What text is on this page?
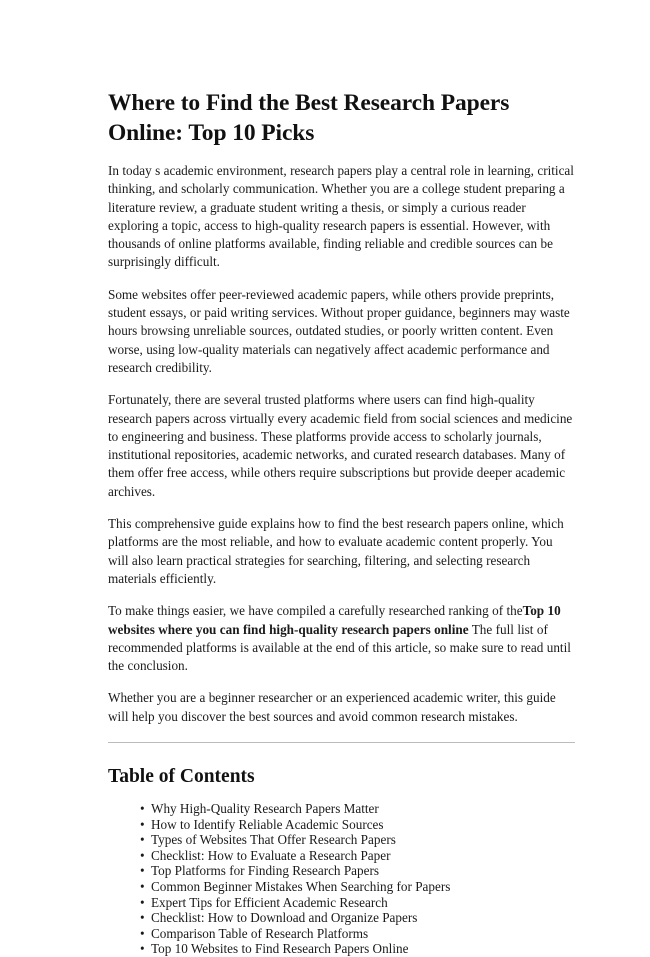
Where to Find the Best Research Papers Online: Top 10 Picks

In today s academic environment, research papers play a central role in learning, critical thinking, and scholarly communication. Whether you are a college student preparing a literature review, a graduate student writing a thesis, or simply a curious reader exploring a topic, access to high-quality research papers is essential. However, with thousands of online platforms available, finding reliable and credible sources can be surprisingly difficult.

Some websites offer peer-reviewed academic papers, while others provide preprints, student essays, or paid writing services. Without proper guidance, beginners may waste hours browsing unreliable sources, outdated studies, or poorly written content. Even worse, using low-quality materials can negatively affect academic performance and research credibility.

Fortunately, there are several trusted platforms where users can find high-quality research papers across virtually every academic field from social sciences and medicine to engineering and business. These platforms provide access to scholarly journals, institutional repositories, academic networks, and curated research databases. Many of them offer free access, while others require subscriptions but provide deeper academic archives.

This comprehensive guide explains how to find the best research papers online, which platforms are the most reliable, and how to evaluate academic content properly. You will also learn practical strategies for searching, filtering, and selecting research materials efficiently.

To make things easier, we have compiled a carefully researched ranking of theTop 10 websites where you can find high-quality research papers online The full list of recommended platforms is available at the end of this article, so make sure to read until the conclusion.

Whether you are a beginner researcher or an experienced academic writer, this guide will help you discover the best sources and avoid common research mistakes.

Table of Contents
• Why High-Quality Research Papers Matter
• How to Identify Reliable Academic Sources
• Types of Websites That Offer Research Papers
• Checklist: How to Evaluate a Research Paper
• Top Platforms for Finding Research Papers
• Common Beginner Mistakes When Searching for Papers
• Expert Tips for Efficient Academic Research
• Checklist: How to Download and Organize Papers
• Comparison Table of Research Platforms
• Top 10 Websites to Find Research Papers Online
